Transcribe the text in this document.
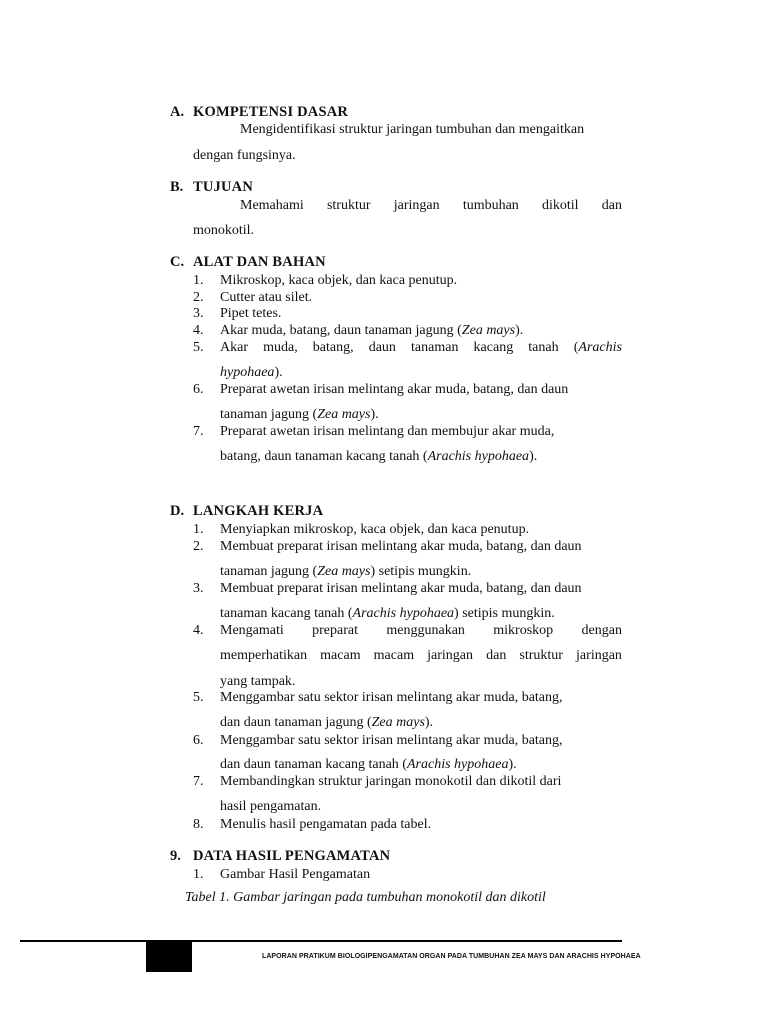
A. KOMPETENSI DASAR
Mengidentifikasi struktur jaringan tumbuhan dan mengaitkan
dengan fungsinya.
B. TUJUAN
Memahami struktur jaringan tumbuhan dikotil dan
monokotil.
C. ALAT DAN BAHAN
1.	Mikroskop, kaca objek, dan kaca penutup.
2.	Cutter atau silet.
3.	Pipet tetes.
4.	Akar muda, batang, daun tanaman jagung (Zea mays).
5.	Akar muda, batang, daun tanaman kacang tanah (Arachis
hypohaea).
6.	Preparat awetan irisan melintang akar muda, batang, dan daun
tanaman jagung (Zea mays).
7.	Preparat awetan irisan melintang dan membujur akar muda,
batang, daun tanaman kacang tanah (Arachis hypohaea).
D. LANGKAH KERJA
1.	Menyiapkan mikroskop, kaca objek, dan kaca penutup.
2.	Membuat preparat irisan melintang akar muda, batang, dan daun
tanaman jagung (Zea mays) setipis mungkin.
3.	Membuat preparat irisan melintang akar muda, batang, dan daun
tanaman kacang tanah (Arachis hypohaea) setipis mungkin.
4.	Mengamati preparat menggunakan mikroskop dengan
memperhatikan macam macam jaringan dan struktur jaringan
yang tampak.
5.	Menggambar satu sektor irisan melintang akar muda, batang,
dan daun tanaman jagung (Zea mays).
6.	Menggambar satu sektor irisan melintang akar muda, batang,
dan daun tanaman kacang tanah (Arachis hypohaea).
7.	Membandingkan struktur jaringan monokotil dan dikotil dari
hasil pengamatan.
8.	Menulis hasil pengamatan pada tabel.
9. DATA HASIL PENGAMATAN
1.	Gambar Hasil Pengamatan
Tabel 1. Gambar jaringan pada tumbuhan monokotil dan dikotil
LAPORAN PRATIKUM BIOLOGIPENGAMATAN ORGAN PADA TUMBUHAN ZEA MAYS DAN ARACHIS HYPOHAEA
